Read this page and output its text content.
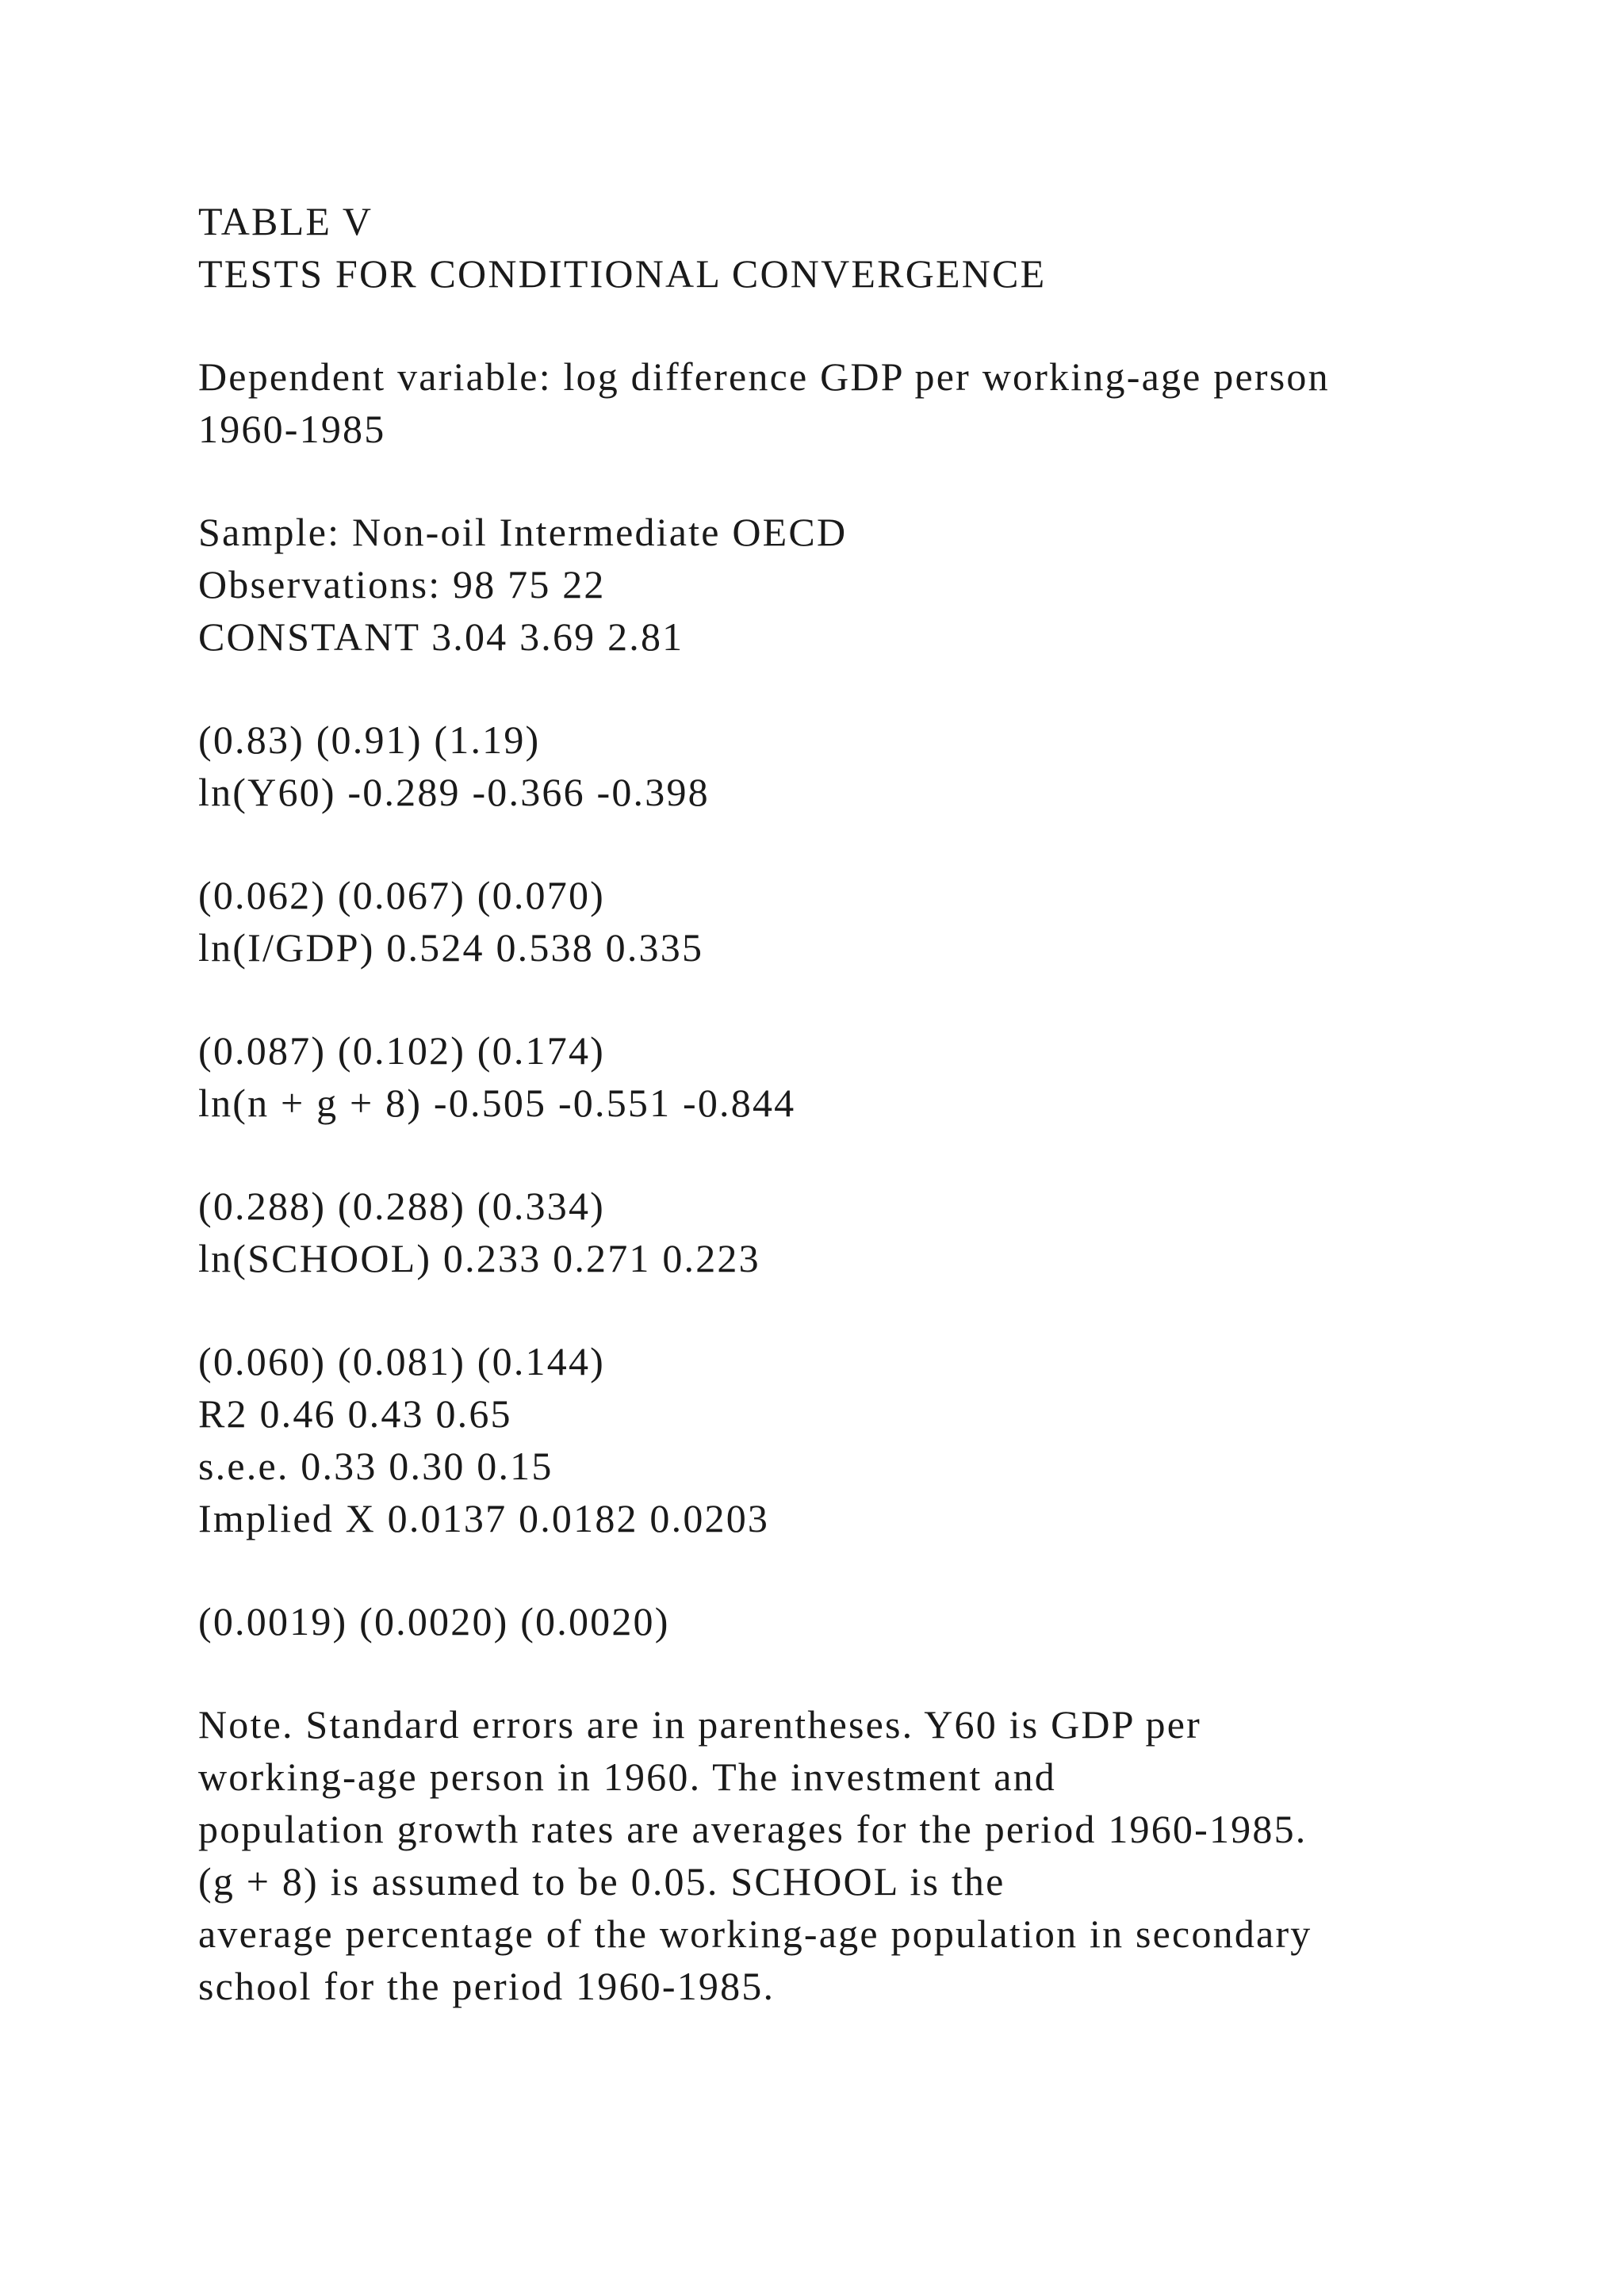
TABLE V
TESTS FOR CONDITIONAL CONVERGENCE
Dependent variable: log difference GDP per working-age person
1960-1985
Sample: Non-oil Intermediate OECD
Observations: 98 75 22
CONSTANT 3.04 3.69 2.81
(0.83) (0.91) (1.19)
ln(Y60) -0.289 -0.366 -0.398
(0.062) (0.067) (0.070)
ln(I/GDP) 0.524 0.538 0.335
(0.087) (0.102) (0.174)
ln(n + g + 8) -0.505 -0.551 -0.844
(0.288) (0.288) (0.334)
ln(SCHOOL) 0.233 0.271 0.223
(0.060) (0.081) (0.144)
R2 0.46 0.43 0.65
s.e.e. 0.33 0.30 0.15
Implied X 0.0137 0.0182 0.0203
(0.0019) (0.0020) (0.0020)
Note. Standard errors are in parentheses. Y60 is GDP per
working-age person in 1960. The investment and
population growth rates are averages for the period 1960-1985.
(g + 8) is assumed to be 0.05. SCHOOL is the
average percentage of the working-age population in secondary
school for the period 1960-1985.
